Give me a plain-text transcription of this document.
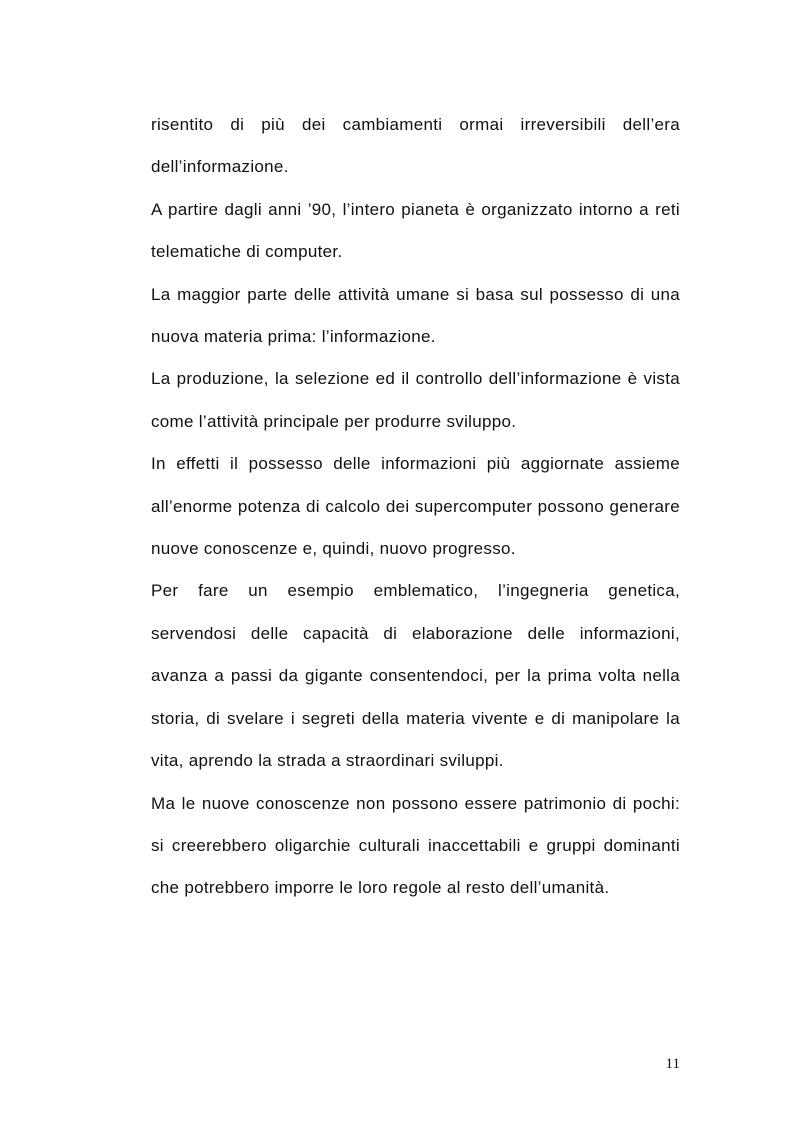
risentito di più dei cambiamenti ormai irreversibili dell’era dell’informazione.

A partire dagli anni ’90, l’intero pianeta è organizzato intorno a reti telematiche di computer.

La maggior parte delle attività umane si basa sul possesso di una nuova materia prima: l’informazione.

La produzione, la selezione ed il controllo dell’informazione è vista come l’attività principale per produrre sviluppo.

In effetti il possesso delle informazioni più aggiornate assieme all’enorme potenza di calcolo dei supercomputer possono generare nuove conoscenze e, quindi, nuovo progresso.

Per fare un esempio emblematico, l’ingegneria genetica, servendosi delle capacità di elaborazione delle informazioni, avanza a passi da gigante consentendoci, per la prima volta nella storia, di svelare i segreti della materia vivente e di manipolare la vita, aprendo la strada a straordinari sviluppi.

Ma le nuove conoscenze non possono essere patrimonio di pochi: si creerebbero oligarchie culturali inaccettabili e gruppi dominanti che potrebbero imporre le loro regole al resto dell’umanità.

11
